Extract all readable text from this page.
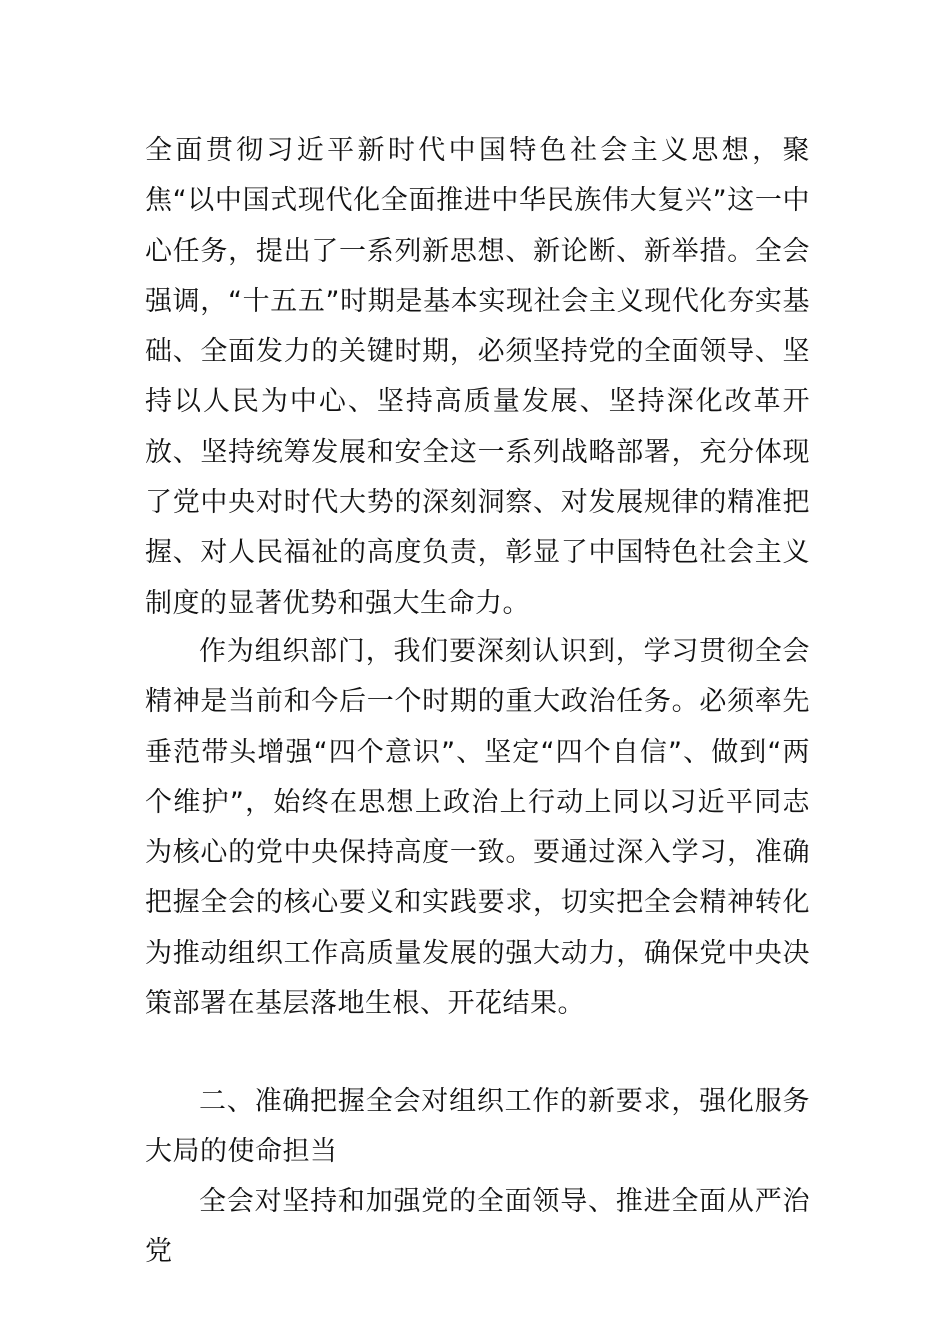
全面贯彻习近平新时代中国特色社会主义思想，聚焦“以中国式现代化全面推进中华民族伟大复兴”这一中心任务，提出了一系列新思想、新论断、新举措。全会强调，“十五五”时期是基本实现社会主义现代化夯实基础、全面发力的关键时期，必须坚持党的全面领导、坚持以人民为中心、坚持高质量发展、坚持深化改革开放、坚持统筹发展和安全这一系列战略部署，充分体现了党中央对时代大势的深刻洞察、对发展规律的精准把握、对人民福祉的高度负责，彰显了中国特色社会主义制度的显著优势和强大生命力。

作为组织部门，我们要深刻认识到，学习贯彻全会精神是当前和今后一个时期的重大政治任务。必须率先垂范带头增强“四个意识”、坚定“四个自信”、做到“两个维护”，始终在思想上政治上行动上同以习近平同志为核心的党中央保持高度一致。要通过深入学习，准确把握全会的核心要义和实践要求，切实把全会精神转化为推动组织工作高质量发展的强大动力，确保党中央决策部署在基层落地生根、开花结果。

二、准确把握全会对组织工作的新要求，强化服务大局的使命担当

全会对坚持和加强党的全面领导、推进全面从严治党
